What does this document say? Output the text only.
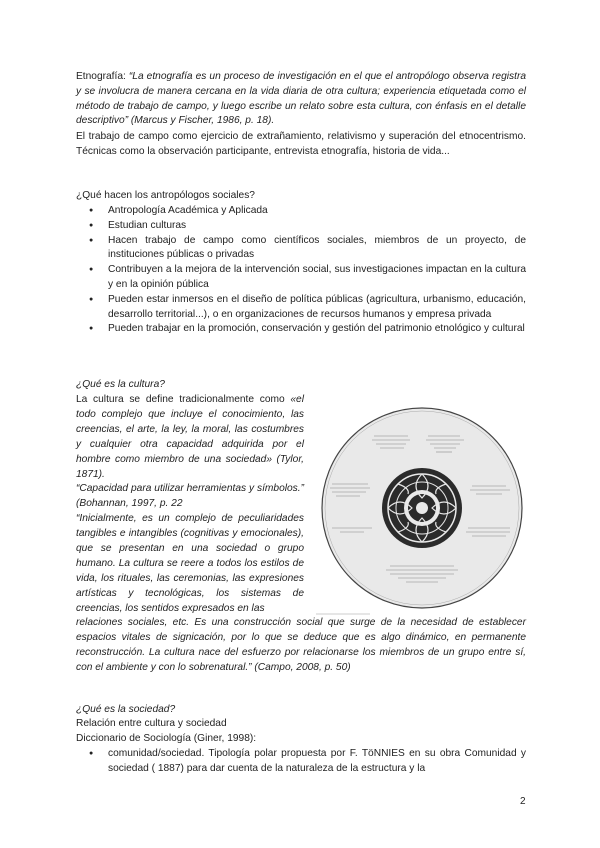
Etnografía: “La etnografía es un proceso de investigación en el que el antropólogo observa registra y se involucra de manera cercana en la vida diaria de otra cultura; experiencia etiquetada como el método de trabajo de campo, y luego escribe un relato sobre esta cultura, con énfasis en el detalle descriptivo” (Marcus y Fischer, 1986, p. 18).
El trabajo de campo como ejercicio de extrañamiento, relativismo y superación del etnocentrismo. Técnicas como la observación participante, entrevista etnografía, historia de vida...
¿Qué hacen los antropólogos sociales?
● Antropología Académica y Aplicada
● Estudian culturas
● Hacen trabajo de campo como científicos sociales, miembros de un proyecto, de instituciones públicas o privadas
● Contribuyen a la mejora de la intervención social, sus investigaciones impactan en la cultura y en la opinión pública
● Pueden estar inmersos en el diseño de política públicas (agricultura, urbanismo, educación, desarrollo territorial...), o en organizaciones de recursos humanos y empresa privada
● Pueden trabajar en la promoción, conservación y gestión del patrimonio etnológico y cultural
¿Qué es la cultura?
La cultura se define tradicionalmente como «el todo complejo que incluye el conocimiento, las creencias, el arte, la ley, la moral, las costumbres y cualquier otra capacidad adquirida por el hombre como miembro de una sociedad» (Tylor, 1871).
“Capacidad para utilizar herramientas y símbolos.” (Bohannan, 1997, p. 22
“Inicialmente, es un complejo de peculiaridades tangibles e intangibles (cognitivas y emocionales), que se presentan en una sociedad o grupo humano. La cultura se reere a todos los estilos de vida, los rituales, las ceremonias, las expresiones artísticas y tecnológicas, los sistemas de creencias, los sentidos expresados en las
relaciones sociales, etc. Es una construcción social que surge de la necesidad de establecer espacios vitales de signicación, por lo que se deduce que es algo dinámico, en permanente reconstrucción. La cultura nace del esfuerzo por relacionarse los miembros de un grupo entre sí, con el ambiente y con lo sobrenatural.” (Campo, 2008, p. 50)
¿Qué es la sociedad?
Relación entre cultura y sociedad
Diccionario de Sociología (Giner, 1998):
● comunidad/sociedad. Tipología polar propuesta por F. TöNNIES en su obra Comunidad y sociedad ( 1887) para dar cuenta de la naturaleza de la estructura y la
2
